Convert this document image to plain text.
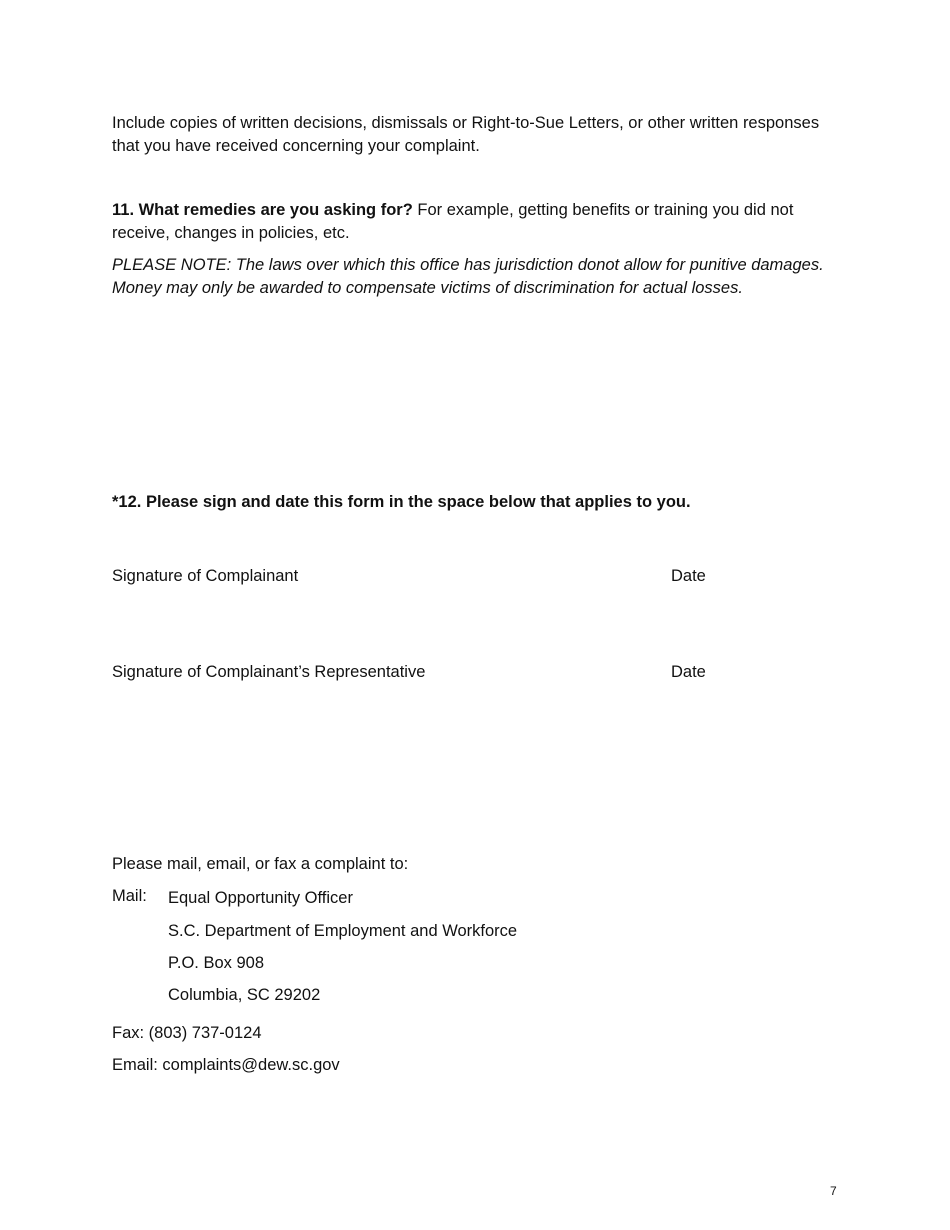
Include copies of written decisions, dismissals or Right-to-Sue Letters, or other written responses that you have received concerning your complaint.

11. What remedies are you asking for? For example, getting benefits or training you did not receive, changes in policies, etc.

PLEASE NOTE: The laws over which this office has jurisdiction donot allow for punitive damages. Money may only be awarded to compensate victims of discrimination for actual losses.

*12. Please sign and date this form in the space below that applies to you.

Signature of Complainant	Date

Signature of Complainant’s Representative	Date

Please mail, email, or fax a complaint to:

Mail: Equal Opportunity Officer

S.C. Department of Employment and Workforce

P.O. Box 908

Columbia, SC 29202

Fax: (803) 737-0124

Email: complaints@dew.sc.gov

7
